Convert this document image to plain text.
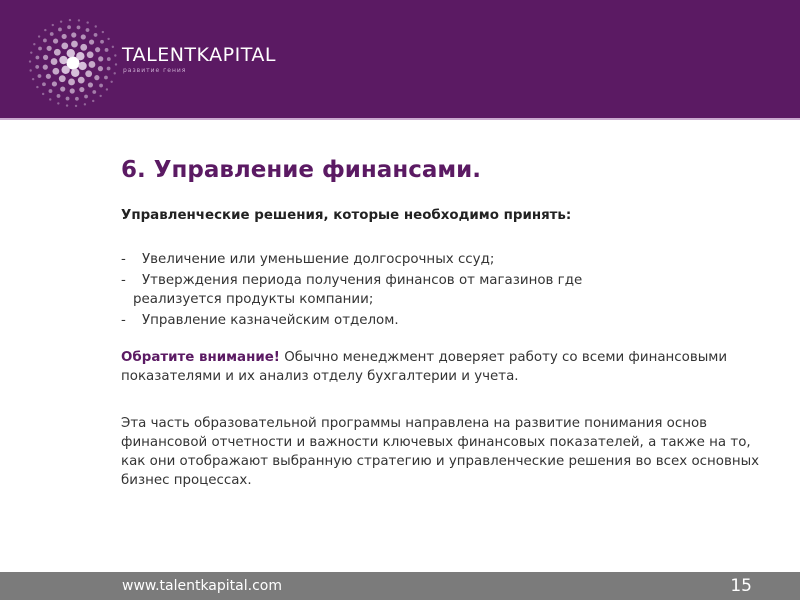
TALENTKAPITAL
развитие гения
6. Управление финансами.

Управленческие решения, которые необходимо принять:

- Увеличение или уменьшение долгосрочных ссуд;
- Утверждения периода получения финансов от магазинов где
реализуется продукты компании;
- Управление казначейским отделом.

Обратите внимание! Обычно менеджмент доверяет работу со всеми финансовыми показателями и их анализ отделу бухгалтерии и учета.

Эта часть образовательной программы направлена на развитие понимания основ финансовой отчетности и важности ключевых финансовых показателей, а также на то, как они отображают выбранную стратегию и управленческие решения во всех основных бизнес процессах.

www.talentkapital.com	15
